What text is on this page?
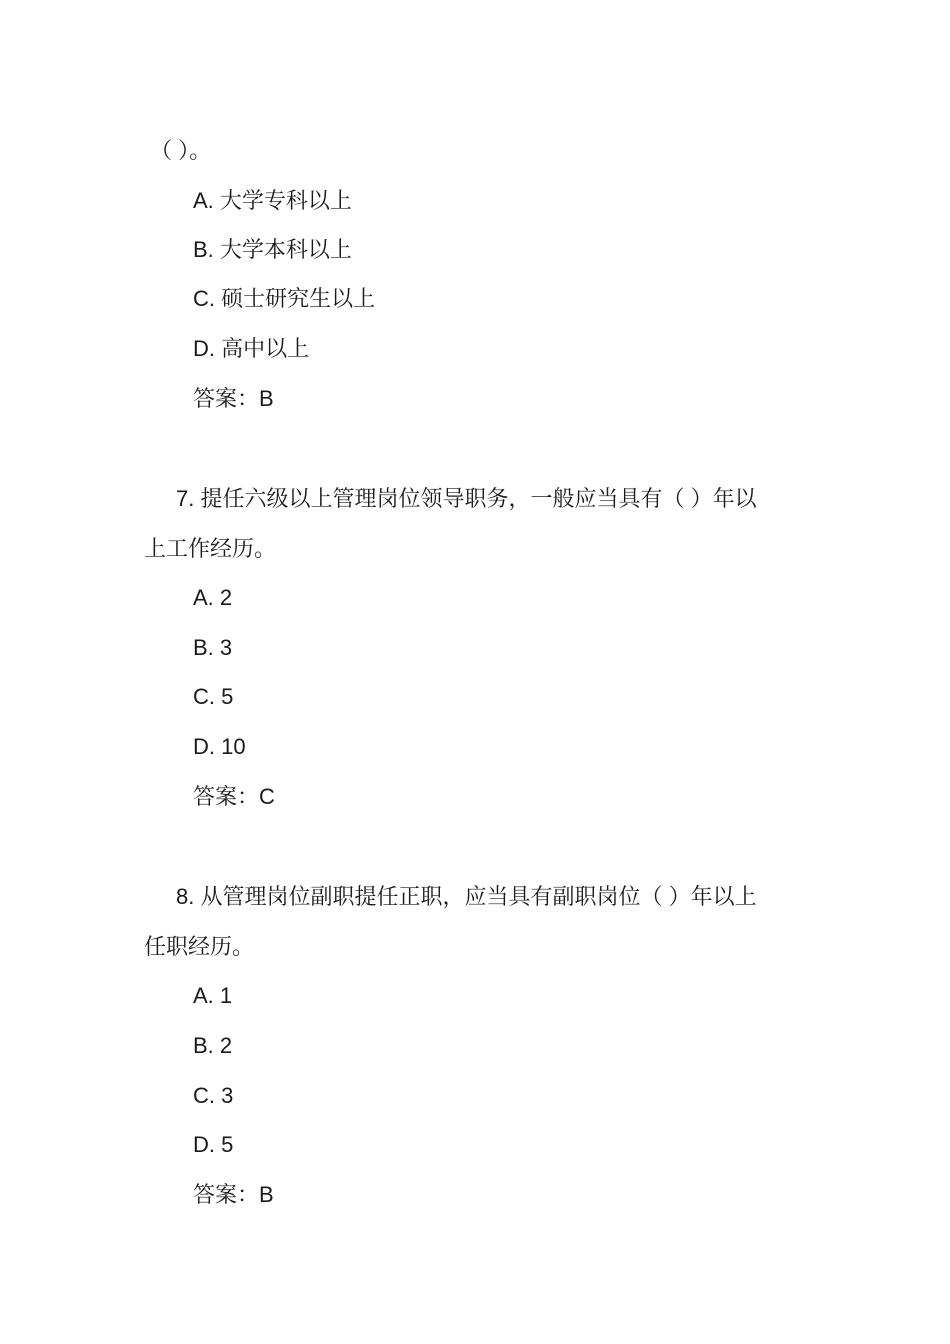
（ ）。

A. 大学专科以上

B. 大学本科以上

C. 硕士研究生以上

D. 高中以上

答案：B

7. 提任六级以上管理岗位领导职务，一般应当具有（ ）年以

上工作经历。

A. 2

B. 3

C. 5

D. 10

答案：C

8. 从管理岗位副职提任正职，应当具有副职岗位（ ）年以上

任职经历。

A. 1

B. 2

C. 3

D. 5

答案：B
